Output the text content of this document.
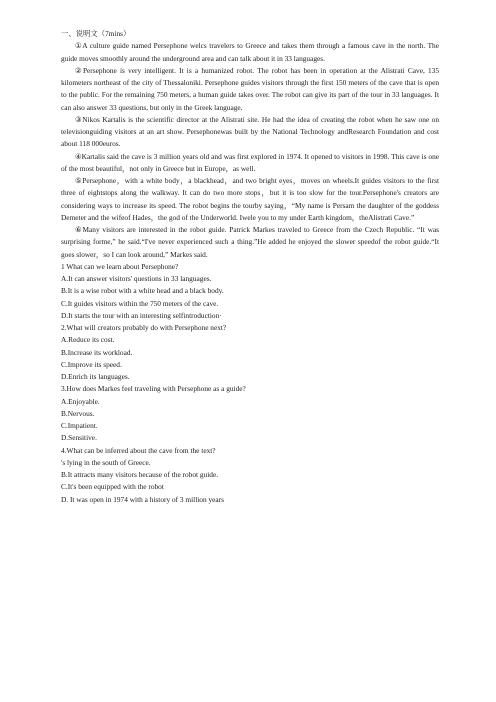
一、说明文（7mins）

①A culture guide named Persephone welcs travelers to Greece and takes them through a famous cave in the north. The guide moves smoothly around the underground area and can talk about it in 33 languages.

②Persephone is very intelligent. It is a humanized robot. The robot has been in operation at the Alistrati Cave, 135 kilometers northeast of the city of Thessaloniki. Persephone guides visitors through the first 150 meters of the cave that is open to the public. For the remaining 750 meters, a human guide takes over. The robot can give its part of the tour in 33 languages. It can also answer 33 questions, but only in the Greek language.

③Nikos Kartalis is the scientific director at the Alistrati site. He had the idea of creating the robot when he saw one on televisionguiding visitors at an art show. Persephonewas built by the National Technology andResearch Foundation and cost about 118 000euros.

④Kartalis said the cave is 3 million years old and was first explored in 1974. It opened to visitors in 1998. This cave is one of the most beautiful，not only in Greece but in Europe，as well.

⑤Persephone，with a white body，a blackhead，and two bright eyes，moves on wheels.It guides visitors to the first three of eightstops along the walkway. It can do two more stops，but it is too slow for the tour.Persephone's creators are considering ways to increase its speed. The robot begins the tourby saying，“My name is Persam the daughter of the goddess Demeter and the wifeof Hades，the god of the Underworld. Iwele you to my under Earth kingdom，theAlistrati Cave.”

⑥Many visitors are interested in the robot guide. Patrick Markes traveled to Greece from the Czech Republic. “It was surprising forme,” he said.“I've never experienced such a thing.”He added he enjoyed the slower speedof the robot guide.“It goes slower，so I can look around,” Markes said.

1 What can we learn about Persephone?

A.It can answer visitors' questions in 33 languages.

B.It is a wise robot with a white head and a black body.

C.It guides visitors within the 750 meters of the cave.

D.It starts the tour with an interesting selfintroduction·

2.What will creators probably do with Persephone next?

A.Reduce its cost.

B.Increase its workload.

C.Improve its speed.

D.Enrich its languages.

3.How does Markes feel traveling with Persephone as a guide?

A.Enjoyable.

B.Nervous.

C.Impatient.

D.Sensitive.

4.What can be inferred about the cave from the text?

's lying in the south of Greece.

B.It attracts many visitors because of the robot guide.

C.It's been equipped with the robot

D. It was open in 1974 with a history of 3 million years
